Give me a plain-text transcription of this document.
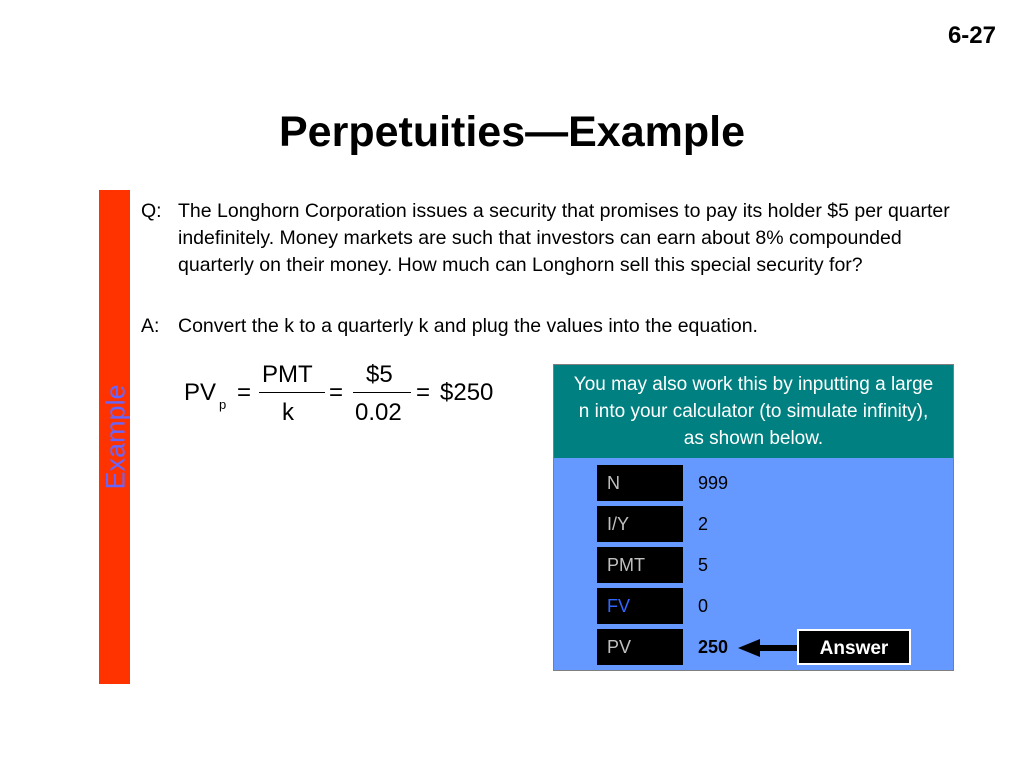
6-27
Perpetuities—Example
Example
Q: The Longhorn Corporation issues a security that promises to pay its holder $5 per quarter indefinitely. Money markets are such that investors can earn about 8% compounded quarterly on their money. How much can Longhorn sell this special security for?
A: Convert the k to a quarterly k and plug the values into the equation.
PV p =
PMT
k
=
$5
0.02
= $250	You may also work this by inputting a large n into your calculator (to simulate infinity), as shown below.
N	999
I/Y	2
PMT	5
FV	0
PV	250	Answer
